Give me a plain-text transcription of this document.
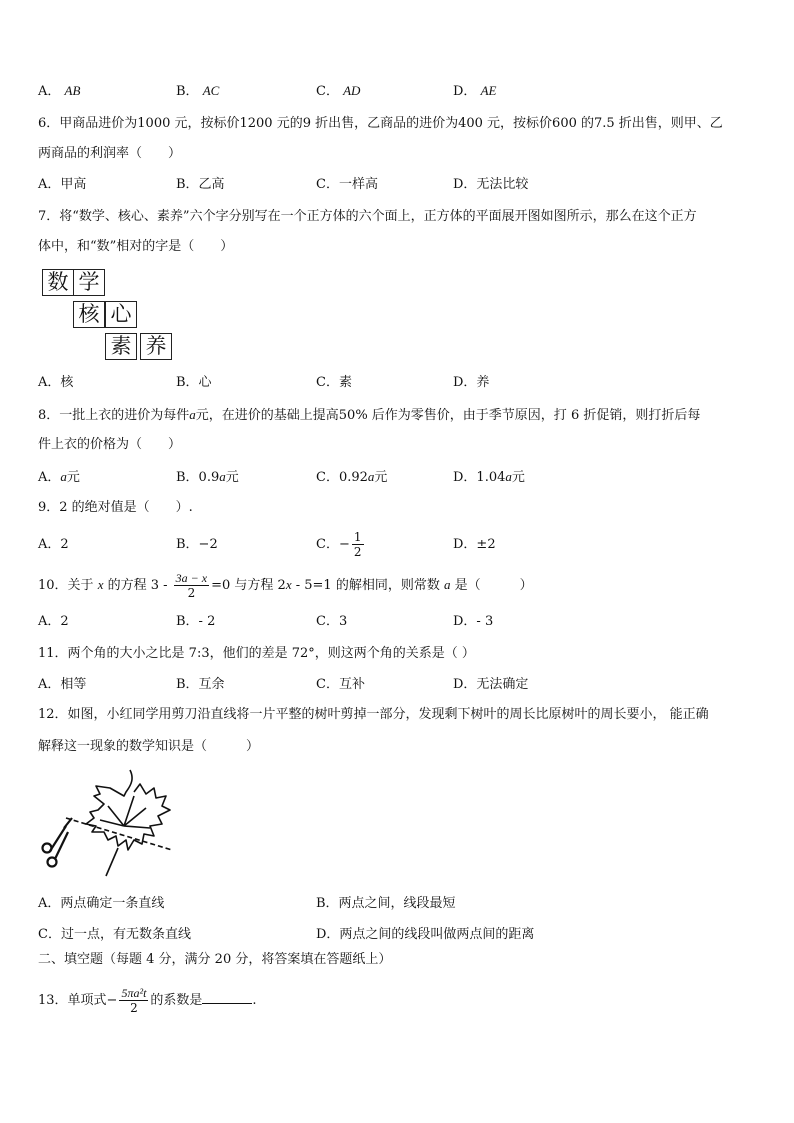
A． AB	B． AC	C． AD	D． AE
6．甲商品进价为1000 元，按标价1200 元的9 折出售，乙商品的进价为400 元，按标价600 的7.5 折出售，则甲、乙
两商品的利润率（　　）
A．甲高	B．乙高	C．一样高	D．无法比较
7．将“数学、核心、素养”六个字分别写在一个正方体的六个面上，正方体的平面展开图如图所示，那么在这个正方
体中，和“数”相对的字是（　　）
数 学
核 心
素 养
A．核	B．心	C．素	D．养
8．一批上衣的进价为每件a元，在进价的基础上提高50% 后作为零售价，由于季节原因，打 6 折促销，则打折后每
件上衣的价格为（　　）
A．a元	B．0.9a元	C．0.92a元	D．1.04a元
9．2 的绝对值是（　　）.
A．2	B．−2	C．− $\frac{1}{2}$	D．±2
10．关于 x 的方程 $3 - \frac{3a - x}{2} =0$ 与方程 2x - 5=1 的解相同，则常数 a 是（　　　）
A．2	B．- 2	C．3	D．- 3
11．两个角的大小之比是 7:3，他们的差是 72°，则这两个角的关系是（ ）
A．相等	B．互余	C．互补	D．无法确定
12．如图，小红同学用剪刀沿直线将一片平整的树叶剪掉一部分，发现剩下树叶的周长比原树叶的周长要小， 能正确
解释这一现象的数学知识是（　　　）
A．两点确定一条直线	B．两点之间，线段最短
C．过一点，有无数条直线	D．两点之间的线段叫做两点间的距离
二、填空题（每题 4 分，满分 20 分，将答案填在答题纸上）
13．单项式− $\frac{\text{5πa²t}}{2}$ 的系数是	.
